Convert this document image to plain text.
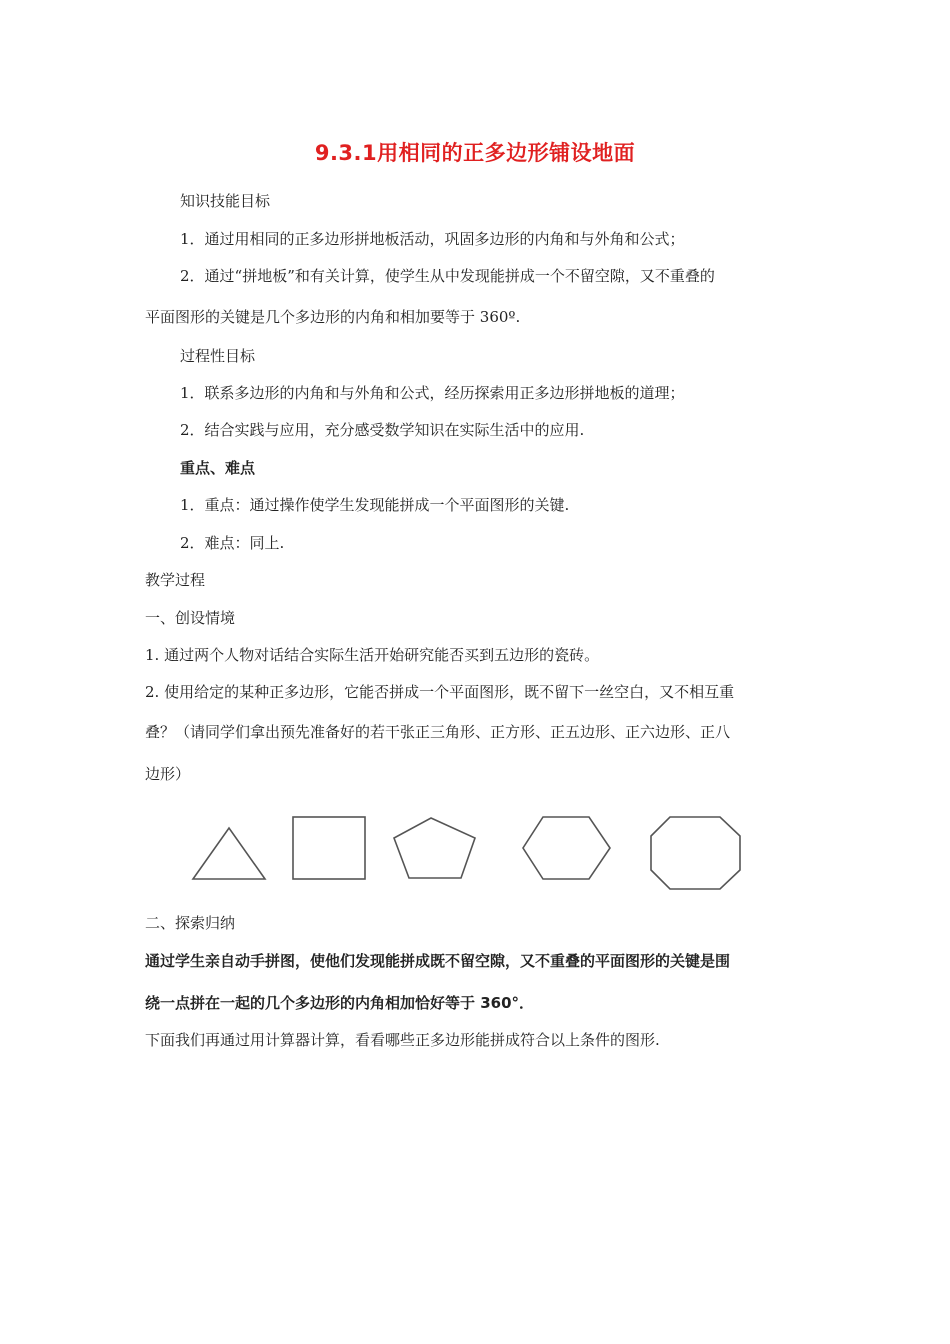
9.3.1用相同的正多边形铺设地面
知识技能目标
1．通过用相同的正多边形拼地板活动，巩固多边形的内角和与外角和公式；
2．通过“拼地板”和有关计算，使学生从中发现能拼成一个不留空隙，又不重叠的
平面图形的关键是几个多边形的内角和相加要等于 360º.
过程性目标
1．联系多边形的内角和与外角和公式，经历探索用正多边形拼地板的道理；
2．结合实践与应用，充分感受数学知识在实际生活中的应用.
重点、难点
1．重点：通过操作使学生发现能拼成一个平面图形的关键.
2．难点：同上.
教学过程
一、创设情境
1. 通过两个人物对话结合实际生活开始研究能否买到五边形的瓷砖。
2. 使用给定的某种正多边形，它能否拼成一个平面图形，既不留下一丝空白，又不相互重
叠？（请同学们拿出预先准备好的若干张正三角形、正方形、正五边形、正六边形、正八
边形）
二、探索归纳
通过学生亲自动手拼图，使他们发现能拼成既不留空隙，又不重叠的平面图形的关键是围
绕一点拼在一起的几个多边形的内角相加恰好等于 360°．
下面我们再通过用计算器计算，看看哪些正多边形能拼成符合以上条件的图形.
